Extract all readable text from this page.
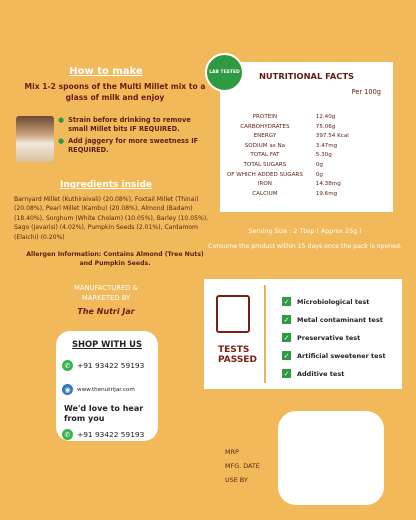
How to make
Mix 1-2 spoons of the Multi Millet mix to a glass of milk and enjoy
● Strain before drinking to remove small Millet bits IF REQUIRED.
● Add jaggery for more sweetness IF REQUIRED.
Ingredients inside
Barnyard Millet (Kuthiraivali) (20.08%), Foxtail Millet (Thinai) (20.08%), Pearl Millet (Kambu) (20.08%), Almond (Badam) (18.40%), Sorghum (White Cholam) (10.05%), Barley (10.05%), Sago (Javarisi) (4.02%), Pumpkin Seeds (2.01%), Cardamom (Elaichi) (0.20%)
Allergen Information: Contains Almond (Tree Nuts) and Pumpkin Seeds.
MANUFACTURED &
MARKETED BY
The Nutri Jar
SHOP WITH US
✆ +91 93422 59193
◉	www.thenutrijar.com
We'd love to hear
from you
✆ +91 93422 59193
NUTRITIONAL FACTS
Per 100g
PROTEIN	12.40g
CARBOHYDRATES	75.06g
ENERGY	397.54 Kcal
SODIUM as Na	3.47mg
TOTAL FAT	5.30g
TOTAL SUGARS	0g
OF WHICH ADDED SUGARS	0g
IRON	14.38mg
CALCIUM	19.6mg
LAB TESTED
Serving Size : 2 Tbsp ( Approx 25g )
Consume the product within 15 days once the pack is opened.
TESTS
PASSED
✓ Microbiological test
✓ Metal contaminant test
✓ Preservative test
✓ Artificial sweetener test
✓ Additive test
MRP
MFG. DATE
USE BY
